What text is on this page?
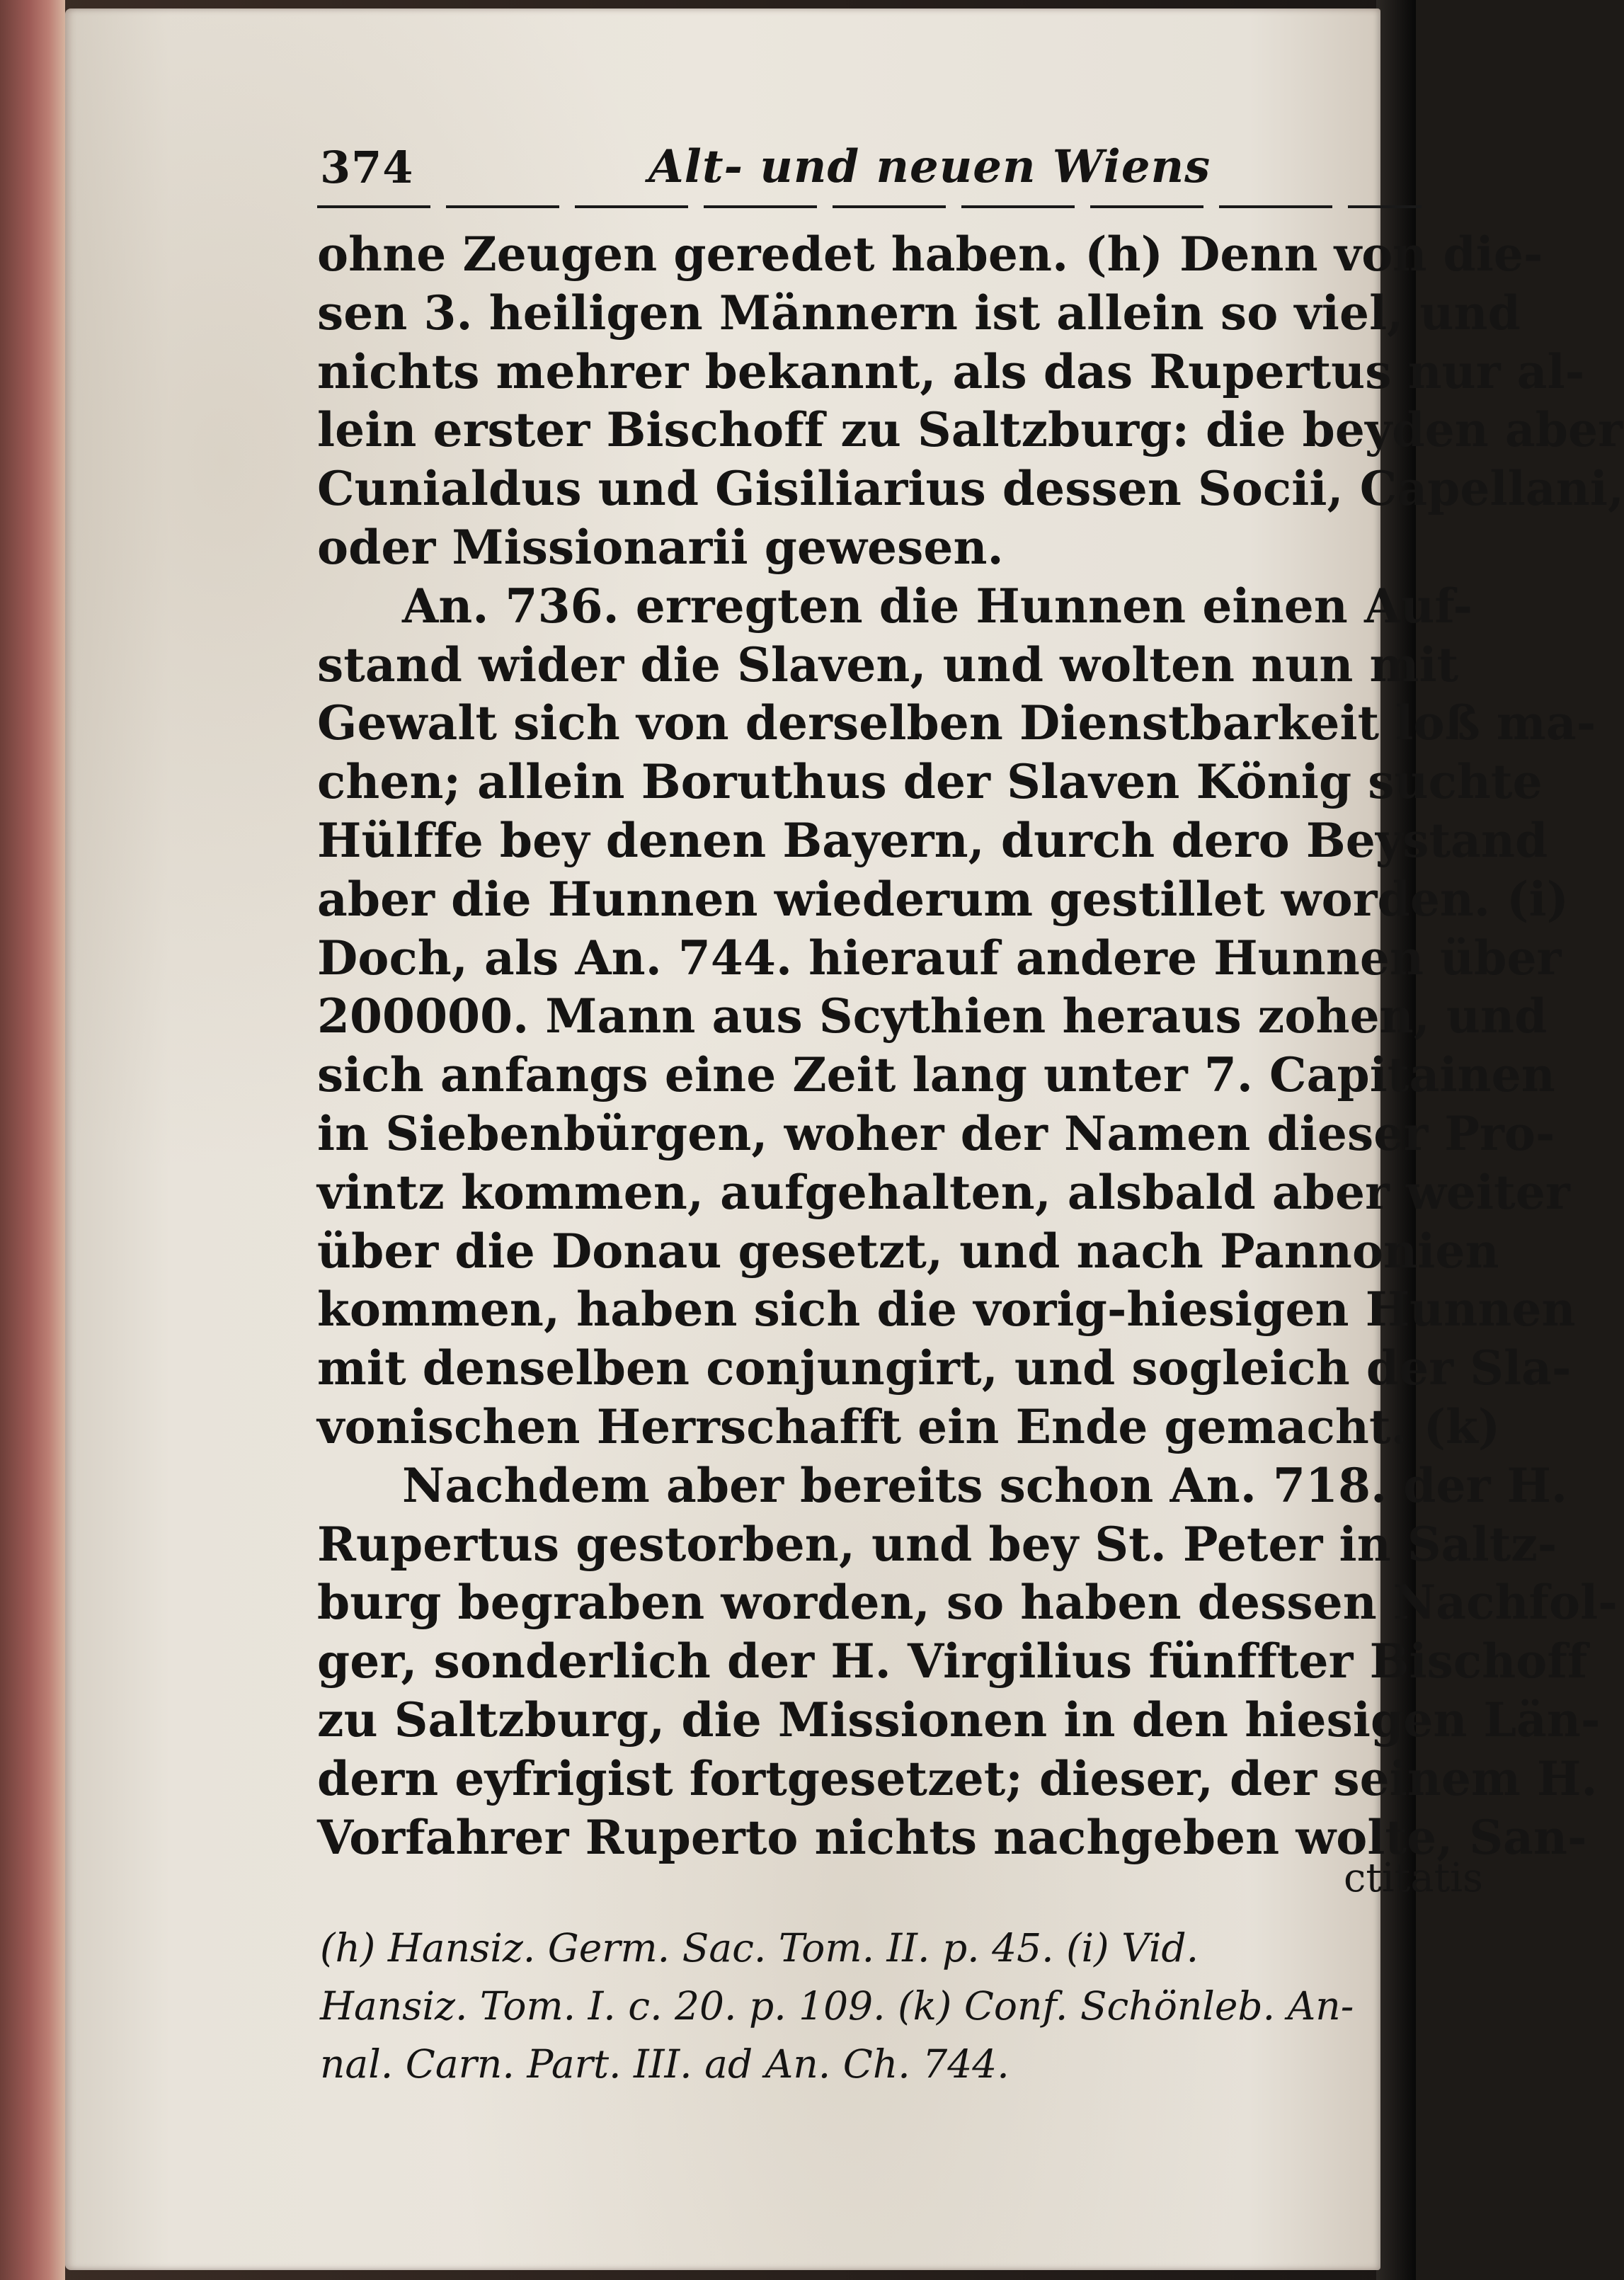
374	Alt- und neuen Wiens
ohne Zeugen geredet haben. (h) Denn von die-
sen 3. heiligen Männern ist allein so viel, und
nichts mehrer bekannt, als das Rupertus nur al-
lein erster Bischoff zu Saltzburg: die beyden aber
Cunialdus und Gisiliarius dessen Socii, Capellani,
oder Missionarii gewesen.
An. 736. erregten die Hunnen einen Auf-
stand wider die Slaven, und wolten nun mit
Gewalt sich von derselben Dienstbarkeit loß ma-
chen; allein Boruthus der Slaven König suchte
Hülffe bey denen Bayern, durch dero Beystand
aber die Hunnen wiederum gestillet worden. (i)
Doch, als An. 744. hierauf andere Hunnen über
200000. Mann aus Scythien heraus zohen, und
sich anfangs eine Zeit lang unter 7. Capitainen
in Siebenbürgen, woher der Namen dieser Pro-
vintz kommen, aufgehalten, alsbald aber weiter
über die Donau gesetzt, und nach Pannonien
kommen, haben sich die vorig-hiesigen Hunnen
mit denselben conjungirt, und sogleich der Sla-
vonischen Herrschafft ein Ende gemacht. (k)
Nachdem aber bereits schon An. 718. der H.
Rupertus gestorben, und bey St. Peter in Saltz-
burg begraben worden, so haben dessen Nachfol-
ger, sonderlich der H. Virgilius fünffter Bischoff
zu Saltzburg, die Missionen in den hiesigen Län-
dern eyfrigist fortgesetzet; dieser, der seinem H.
Vorfahrer Ruperto nichts nachgeben wolte, San-
ctitatis
(h) Hansiz. Germ. Sac. Tom. II. p. 45. (i) Vid.
Hansiz. Tom. I. c. 20. p. 109. (k) Conf. Schönleb. An-
nal. Carn. Part. III. ad An. Ch. 744.
